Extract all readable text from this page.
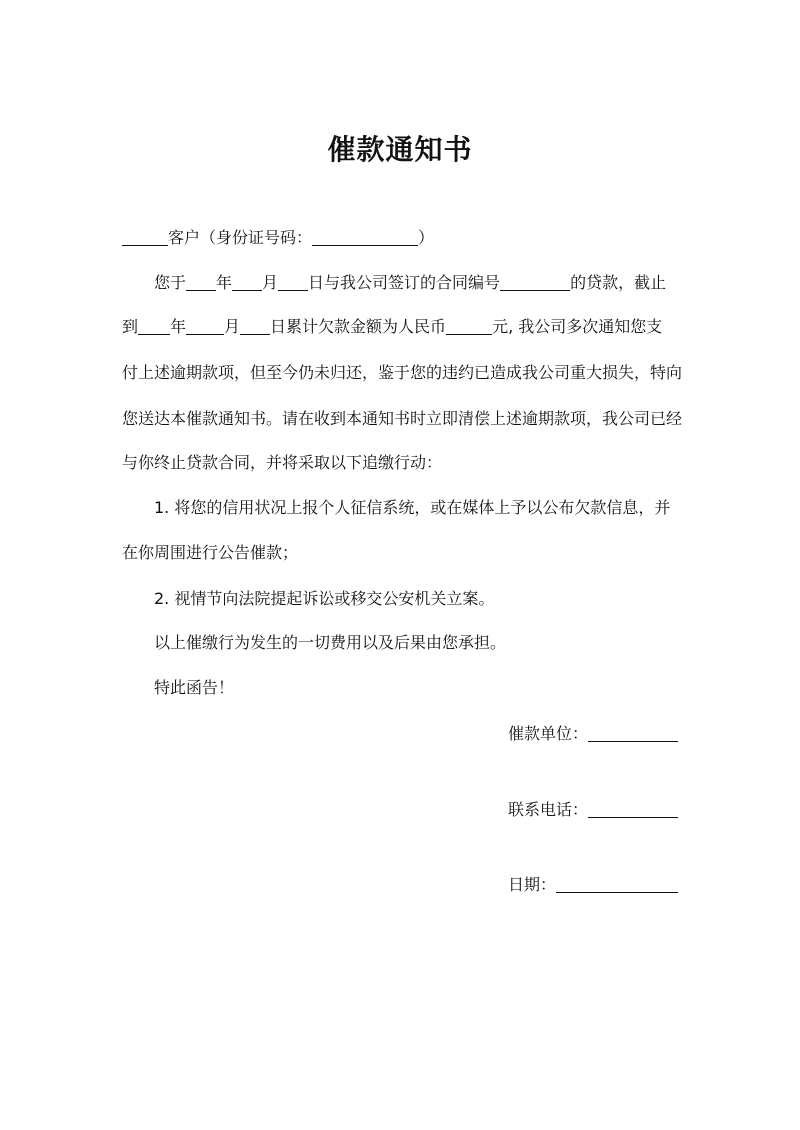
催款通知书
客户（身份证号码：	）
您于 年 月 日与我公司签订的合同编号	的贷款，截止
到 年 月 日累计欠款金额为人民币	元, 我公司多次通知您支
付上述逾期款项，但至今仍未归还，鉴于您的违约已造成我公司重大损失，特向
您送达本催款通知书。请在收到本通知书时立即清偿上述逾期款项，我公司已经
与你终止贷款合同，并将采取以下追缴行动：
1. 将您的信用状况上报个人征信系统，或在媒体上予以公布欠款信息，并
在你周围进行公告催款；
2. 视情节向法院提起诉讼或移交公安机关立案。
以上催缴行为发生的一切费用以及后果由您承担。
特此函告！
催款单位：
联系电话：
日期：
